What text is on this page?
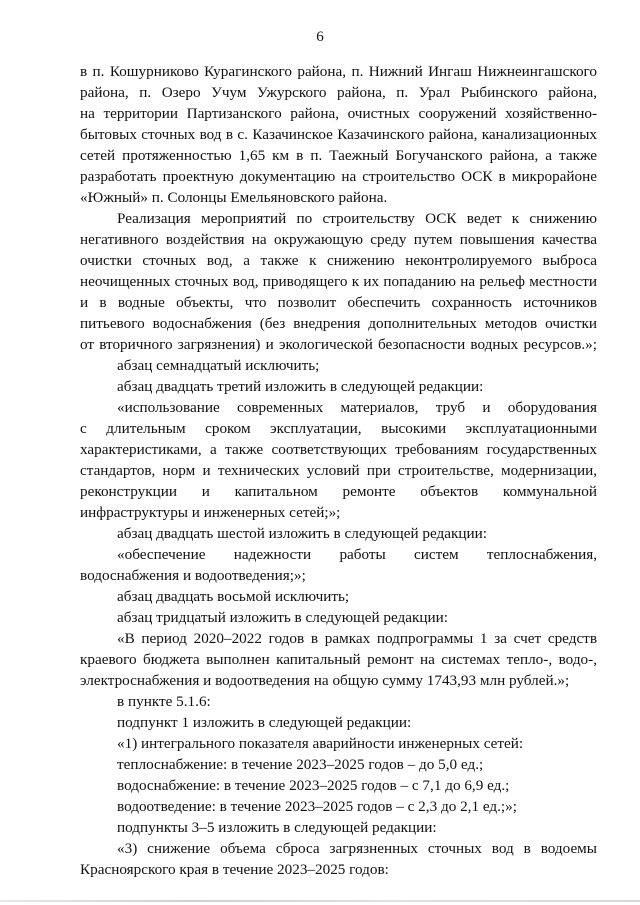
6
в п. Кошурниково Курагинского района, п. Нижний Ингаш Нижнеингашского
района, п. Озеро Учум Ужурского района, п. Урал Рыбинского района,
на территории Партизанского района, очистных сооружений хозяйственно-
бытовых сточных вод в с. Казачинское Казачинского района, канализационных
сетей протяженностью 1,65 км в п. Таежный Богучанского района, а также
разработать проектную документацию на строительство ОСК в микрорайоне
«Южный» п. Солонцы Емельяновского района.
Реализация мероприятий по строительству ОСК ведет к снижению
негативного воздействия на окружающую среду путем повышения качества
очистки сточных вод, а также к снижению неконтролируемого выброса
неочищенных сточных вод, приводящего к их попаданию на рельеф местности
и в водные объекты, что позволит обеспечить сохранность источников
питьевого водоснабжения (без внедрения дополнительных методов очистки
от вторичного загрязнения) и экологической безопасности водных ресурсов.»;
абзац семнадцатый исключить;
абзац двадцать третий изложить в следующей редакции:
«использование современных материалов, труб и оборудования
с длительным сроком эксплуатации, высокими эксплуатационными
характеристиками, а также соответствующих требованиям государственных
стандартов, норм и технических условий при строительстве, модернизации,
реконструкции и капитальном ремонте объектов коммунальной
инфраструктуры и инженерных сетей;»;
абзац двадцать шестой изложить в следующей редакции:
«обеспечение надежности работы систем теплоснабжения,
водоснабжения и водоотведения;»;
абзац двадцать восьмой исключить;
абзац тридцатый изложить в следующей редакции:
«В период 2020–2022 годов в рамках подпрограммы 1 за счет средств
краевого бюджета выполнен капитальный ремонт на системах тепло-, водо-,
электроснабжения и водоотведения на общую сумму 1743,93 млн рублей.»;
в пункте 5.1.6:
подпункт 1 изложить в следующей редакции:
«1) интегрального показателя аварийности инженерных сетей:
теплоснабжение: в течение 2023–2025 годов – до 5,0 ед.;
водоснабжение: в течение 2023–2025 годов – с 7,1 до 6,9 ед.;
водоотведение: в течение 2023–2025 годов – с 2,3 до 2,1 ед.;»;
подпункты 3–5 изложить в следующей редакции:
«3) снижение объема сброса загрязненных сточных вод в водоемы
Красноярского края в течение 2023–2025 годов:
